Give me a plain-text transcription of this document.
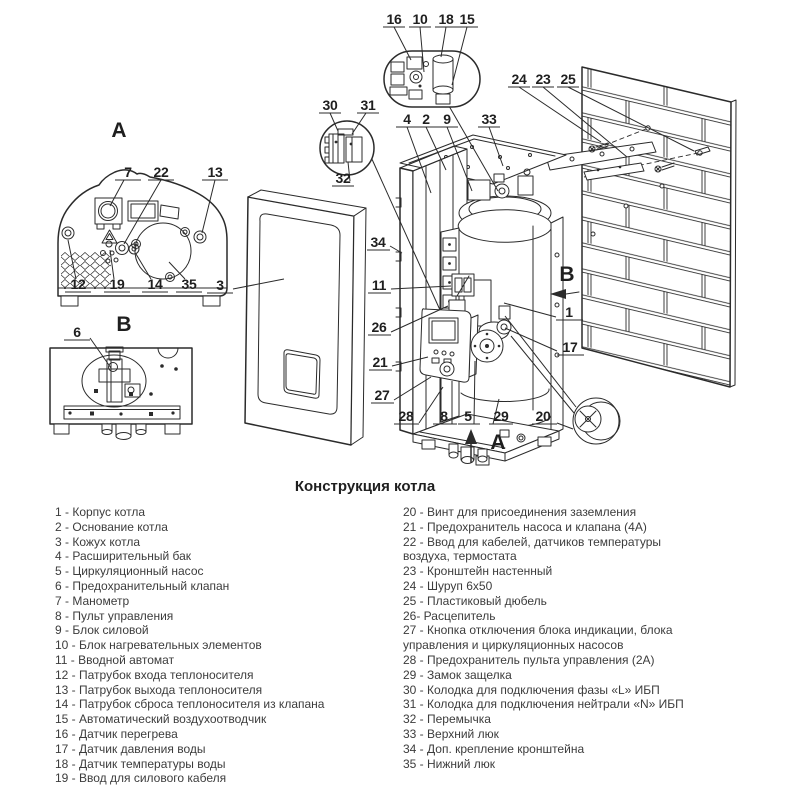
А
В
В
А
7 22	13
12 19 14 35
6
3
16 10 18 15
30 31
32
4 2 9 33
24 23 25
34
11
26
21
27
28 8 5 29 20
1
17
Конструкция котла
1 - Корпус котла
2 - Основание котла
3 - Кожух котла
4 - Расширительный бак
5 - Циркуляционный насос
6 - Предохранительный клапан
7 - Манометр
8 - Пульт управления
9 - Блок силовой
10 - Блок нагревательных элементов
11 - Вводной автомат
12 - Патрубок входа теплоносителя
13 - Патрубок выхода теплоносителя
14 - Патрубок сброса теплоносителя из клапана
15 - Автоматический воздухоотводчик
16 - Датчик перегрева
17 - Датчик давления воды
18 - Датчик температуры воды
19 - Ввод для силового кабеля
20 - Винт для присоединения заземления
21 - Предохранитель насоса и клапана (4А)
22 - Ввод для кабелей, датчиков температуры воздуха, термостата
23 - Кронштейн настенный
24 - Шуруп 6х50
25 - Пластиковый дюбель
26- Расцепитель
27 - Кнопка отключения блока индикации, блока управления и циркуляционных насосов
28 - Предохранитель пульта управления (2А)
29 - Замок защелка
30 - Колодка для подключения фазы «L» ИБП
31 - Колодка для подключения нейтрали «N» ИБП
32 - Перемычка
33 - Верхний люк
34 - Доп. крепление кронштейна
35 - Нижний люк
